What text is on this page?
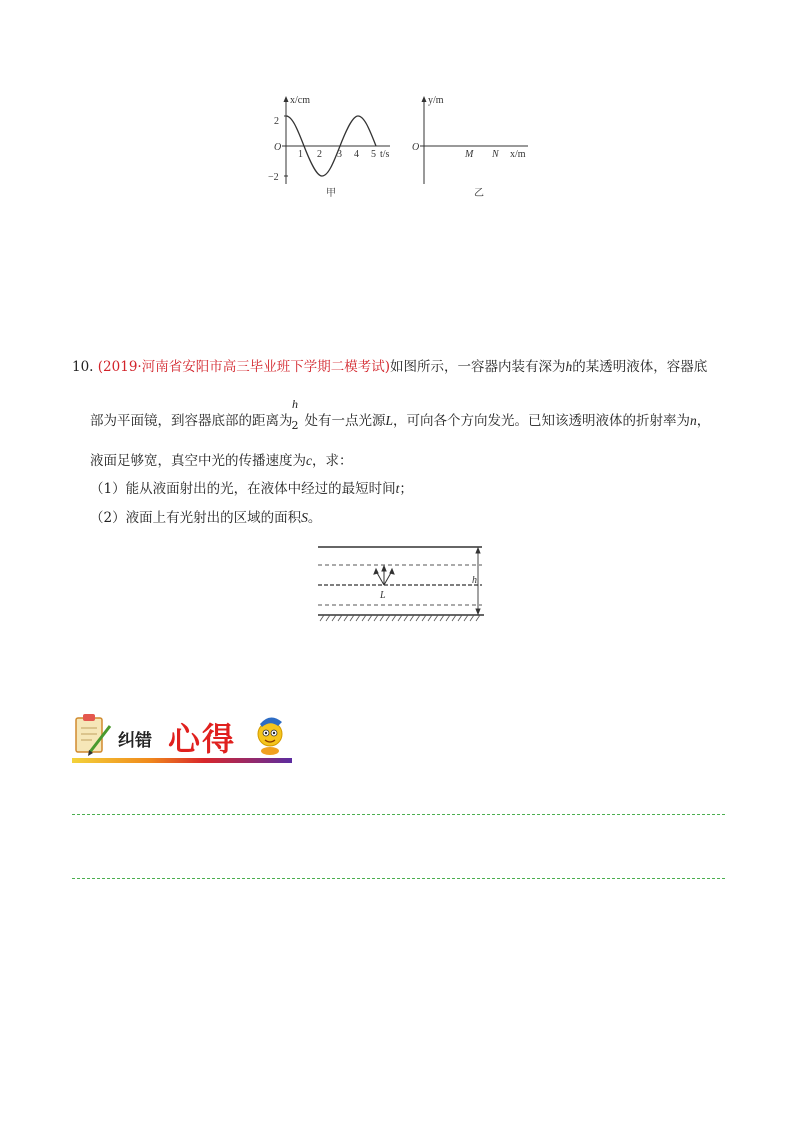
x/cm
2
−2
O
1 2 3 4 5 t/s
甲
y/m
O
M N x/m
乙
10. (2019·河南省安阳市高三毕业班下学期二模考试)如图所示，一容器内装有深为h的某透明液体，容器底
h
2
部为平面镜，到容器底部的距离为 处有一点光源L，可向各个方向发光。已知该透明液体的折射率为n，
液面足够宽，真空中光的传播速度为c，求：
（1）能从液面射出的光，在液体中经过的最短时间t；
（2）液面上有光射出的区域的面积S。
L
h
纠错 心得
